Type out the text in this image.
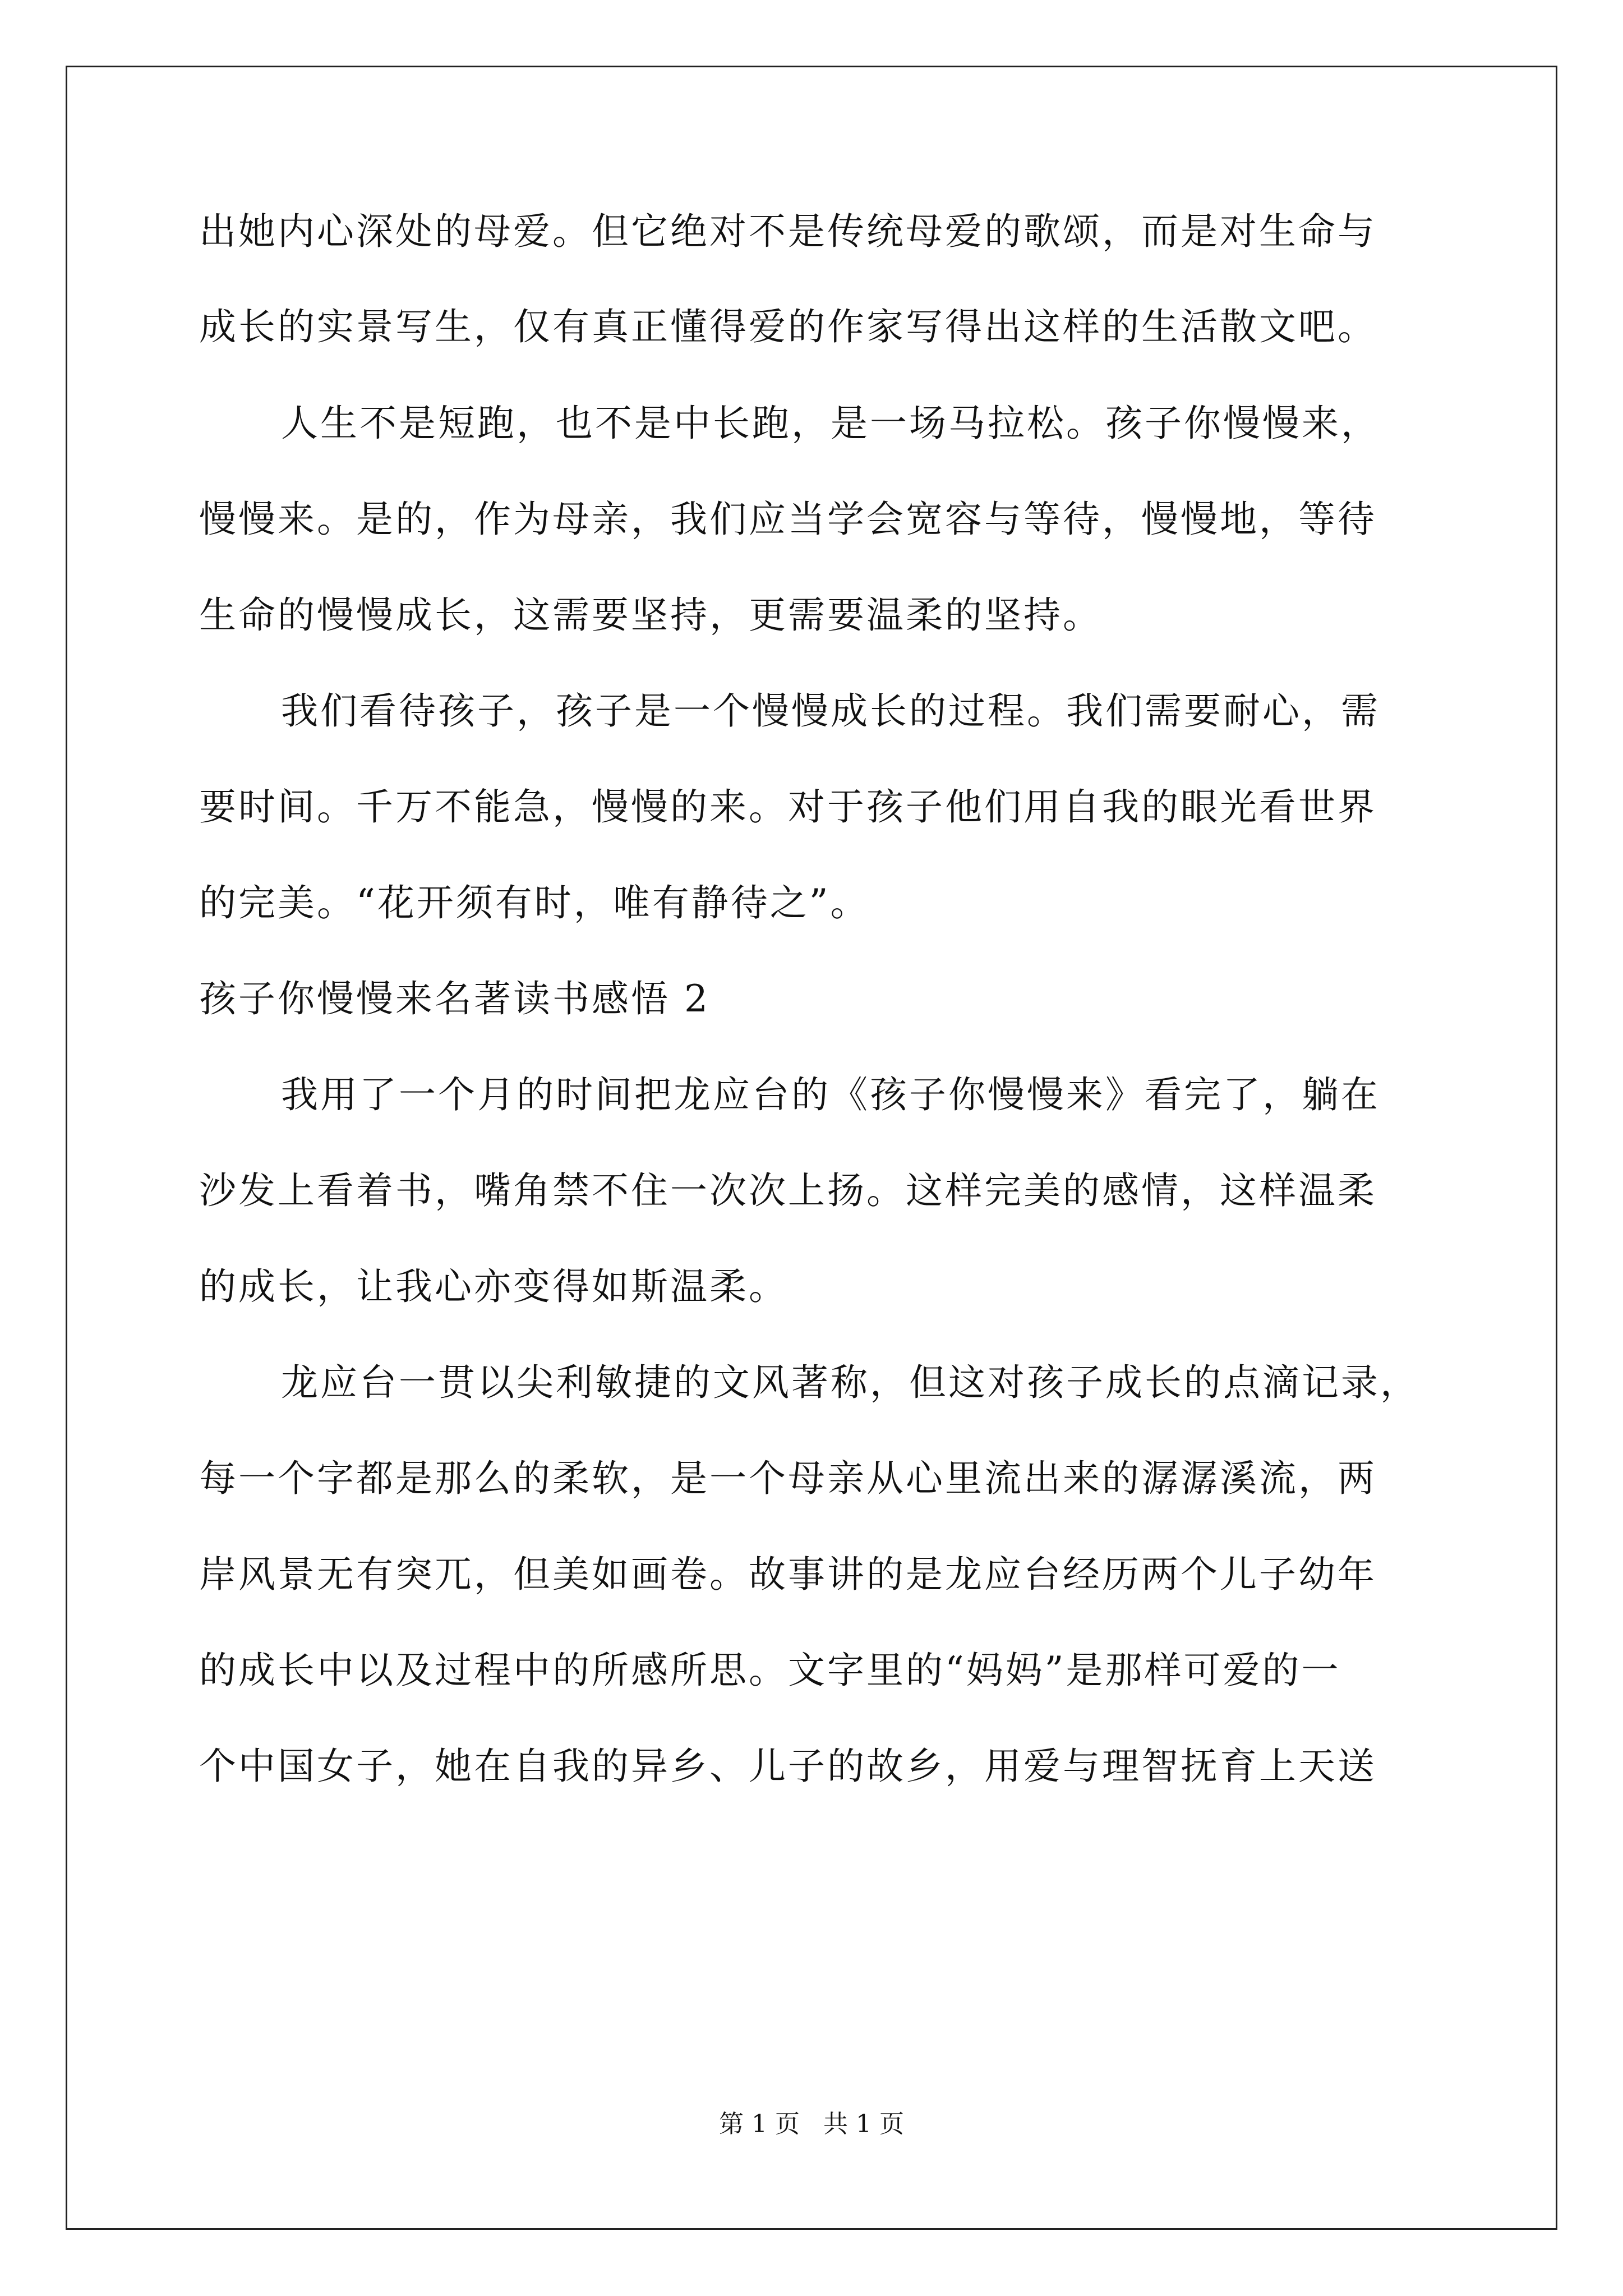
出她内心深处的母爱。但它绝对不是传统母爱的歌颂，而是对生命与
成长的实景写生，仅有真正懂得爱的作家写得出这样的生活散文吧。
人生不是短跑，也不是中长跑，是一场马拉松。孩子你慢慢来，
慢慢来。是的，作为母亲，我们应当学会宽容与等待，慢慢地，等待
生命的慢慢成长，这需要坚持，更需要温柔的坚持。
我们看待孩子，孩子是一个慢慢成长的过程。我们需要耐心，需
要时间。千万不能急，慢慢的来。对于孩子他们用自我的眼光看世界
的完美。“花开须有时，唯有静待之”。
孩子你慢慢来名著读书感悟 2
我用了一个月的时间把龙应台的《孩子你慢慢来》看完了，躺在
沙发上看着书，嘴角禁不住一次次上扬。这样完美的感情，这样温柔
的成长，让我心亦变得如斯温柔。
龙应台一贯以尖利敏捷的文风著称，但这对孩子成长的点滴记录，
每一个字都是那么的柔软，是一个母亲从心里流出来的潺潺溪流，两
岸风景无有突兀，但美如画卷。故事讲的是龙应台经历两个儿子幼年
的成长中以及过程中的所感所思。文字里的“妈妈”是那样可爱的一
个中国女子，她在自我的异乡、儿子的故乡，用爱与理智抚育上天送
第 1 页 共 1 页
